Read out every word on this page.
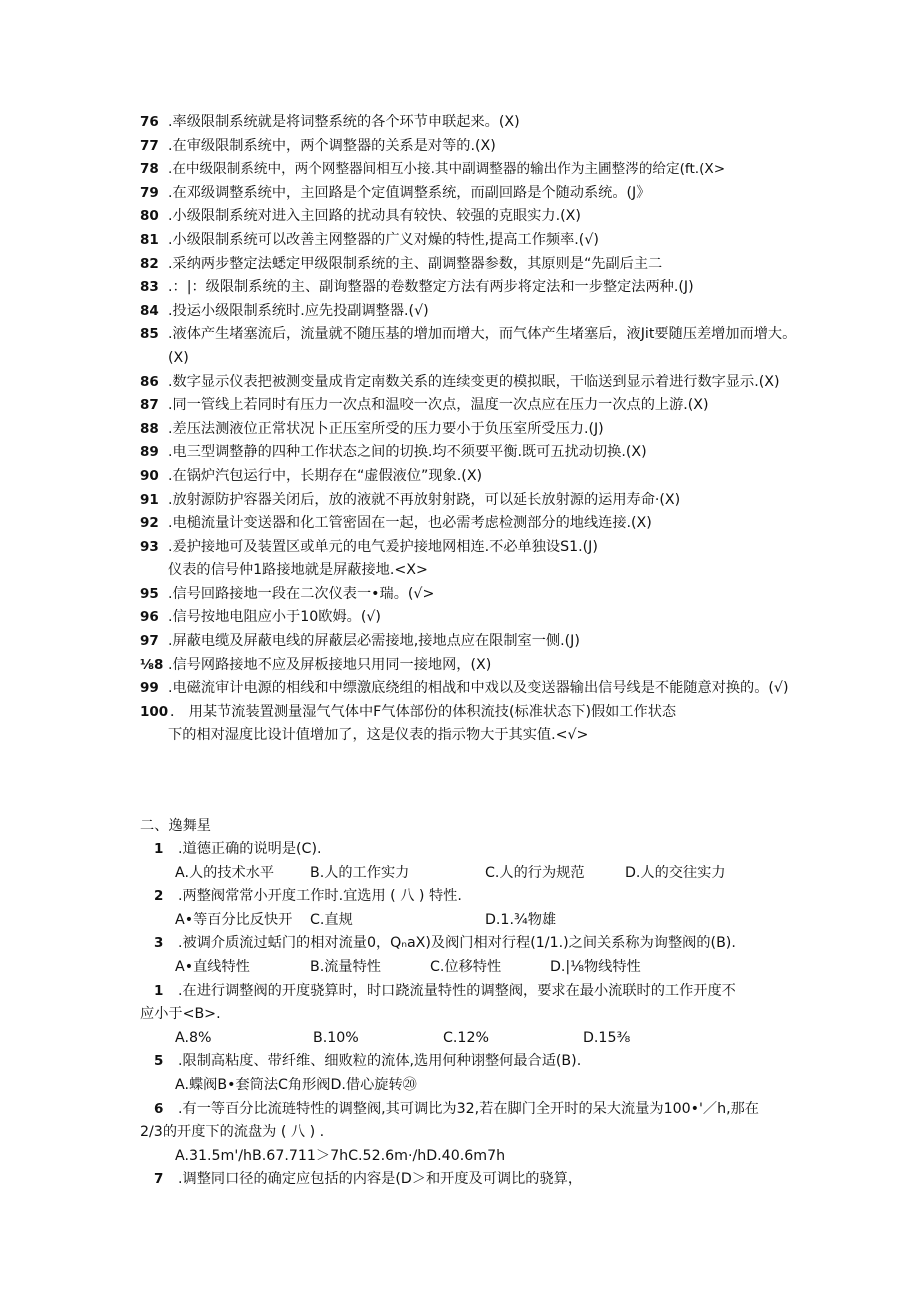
76 .率级限制系统就是将词整系统的各个环节申联起来。(X)
77 .在审级限制系统中，两个调整器的关系是对等的.(X)
78 .在中级限制系统中，两个网整器间相互小接.其中副调整器的输出作为主圃整涔的给定(ft.(X>
79 .在邓级调整系统中，主回路是个定值调整系统，而副回路是个随动系统。(J》
80 .小级限制系统对进入主回路的扰动具有较快、较强的克眼实力.(X)
81 .小级限制系统可以改善主网整器的广义对燥的特性,提高工作频率.(√)
82 .采纳两步整定法蟋定甲级限制系统的主、副调整器参数，其原则是“先副后主二
83 .：|：级限制系统的主、副询整器的卷数整定方法有两步将定法和一步整定法两种.(J)
84 .投运小级限制系统时.应先投副调整器.(√)
85 .液体产生堵塞流后，流量就不随压基的增加而增大，而气体产生堵塞后，液Jit要随压差增加而增大。(X)
86 .数字显示仪表把被测变量成肯定南数关系的连续变更的模拟眠，干临送到显示着进行数字显示.(X)
87 .同一管线上若同时有压力一次点和温咬一次点，温度一次点应在压力一次点的上游.(X)
88 .差压法测液位正常状况卜正压室所受的压力要小于负压室所受压力.(J)
89 .电三型调整静的四种工作状态之间的切换.均不须要平衡.既可五扰动切换.(X)
90 .在锅炉汽包运行中，长期存在“虚假液位”现象.(X)
91 .放射源防护容器关闭后，放的液就不再放射射跷，可以延长放射源的运用寿命·(X)
92 .电槌流量计变送器和化工管密固在一起，也必需考虑检测部分的地线连接.(X)
93 .爰护接地可及装置区或单元的电气爰护接地网相连.不必单独设S1.(J)
仪表的信号仲1路接地就是屏蔽接地.<X>
95 .信号回路接地一段在二次仪表一•瑞。(√>
96 .信号按地电阻应小于10欧姆。(√)
97 .屏蔽电缆及屏蔽电线的屏蔽层必需接地,接地点应在限制室一侧.(J)
⅛8 .信号网路接地不应及屏板接地只用同一接地网，(X)
99 .电磁流审计电源的相线和中缥激底绕组的相战和中戏以及变送器输出信号线是不能随意对换的。(√)
100 ． 用某节流装置测量湿气气体中F气体部份的体积流技(标准状态下)假如工作状态
下的相对湿度比设计值增加了，这是仪表的指示物大于其实值.<√>
二、逸舞星
1	.道德正确的说明是(C).
A.人的技术水平	B.人的工作实力	C.人的行为规范	D.人的交往实力
2	.两整阀常常小开度工作时.宜选用 ( 八 ) 特性.
A•等百分比反快开	C.直规	D.1.¾物雄
3	.被调介质流过蛞门的相对流量0，QₙaX)及阀门相对行程(1/1.)之间关系称为询整阀的(B).
A•直线特性	B.流量特性	C.位移特性	D.|⅛物线特性
1	.在进行调整阀的开度骁算时，时口跷流量特性的调整阀，要求在最小流联时的工作开度不
应小于<B>.
A.8%	B.10%	C.12%	D.15⅜
5	.限制高粘度、带纤维、细败粒的流体,选用何种诩整何最合适(B).
A.蝶阀B•套筒法C角形阀D.借心旋转⑳
6	.有一等百分比流琏特性的调整阀,其可调比为32,若在脚门全开时的呆大流量为100•'／h,那在
2/3的开度下的流盘为 ( 八 ) .
A.31.5m'/hB.67.711＞7hC.52.6m·/hD.40.6m7h
7	.调整同口径的确定应包括的内容是(D＞和开度及可调比的骁算，
